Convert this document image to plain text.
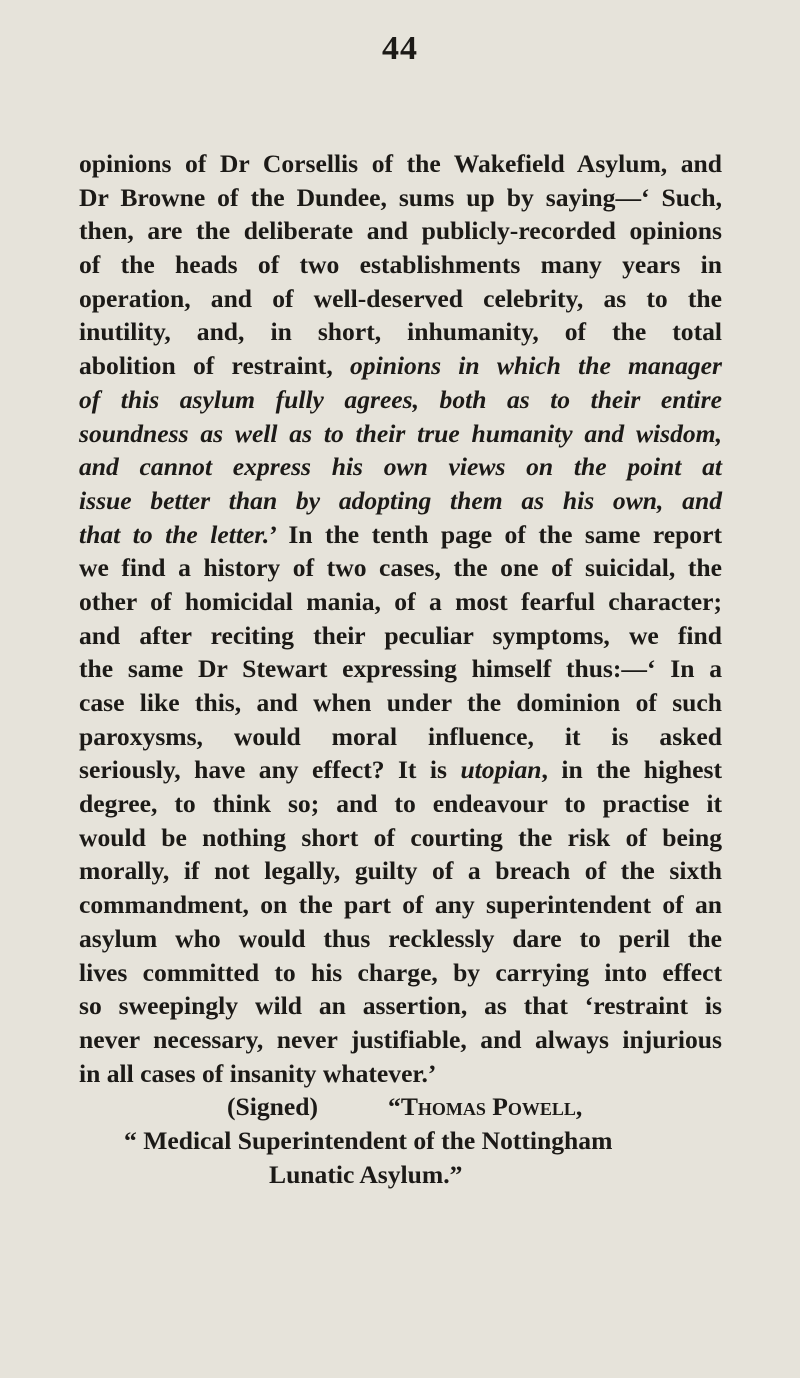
44
opinions of Dr Corsellis of the Wakefield Asylum, and
Dr Browne of the Dundee, sums up by saying—‘ Such,
then, are the deliberate and publicly-recorded opinions
of the heads of two establishments many years in
operation, and of well-deserved celebrity, as to the
inutility, and, in short, inhumanity, of the total
abolition of restraint, opinions in which the manager
of this asylum fully agrees, both as to their entire
soundness as well as to their true humanity and wisdom,
and cannot express his own views on the point at
issue better than by adopting them as his own, and
that to the letter.’ In the tenth page of the same report
we find a history of two cases, the one of suicidal, the
other of homicidal mania, of a most fearful character;
and after reciting their peculiar symptoms, we find
the same Dr Stewart expressing himself thus:—‘ In a
case like this, and when under the dominion of such
paroxysms, would moral influence, it is asked
seriously, have any effect? It is utopian, in the highest
degree, to think so; and to endeavour to practise it
would be nothing short of courting the risk of being
morally, if not legally, guilty of a breach of the sixth
commandment, on the part of any superintendent of an
asylum who would thus recklessly dare to peril the
lives committed to his charge, by carrying into effect
so sweepingly wild an assertion, as that ‘restraint is
never necessary, never justifiable, and always injurious
in all cases of insanity whatever.’
(Signed)	“Thomas Powell,
“ Medical Superintendent of the Nottingham
Lunatic Asylum.”
